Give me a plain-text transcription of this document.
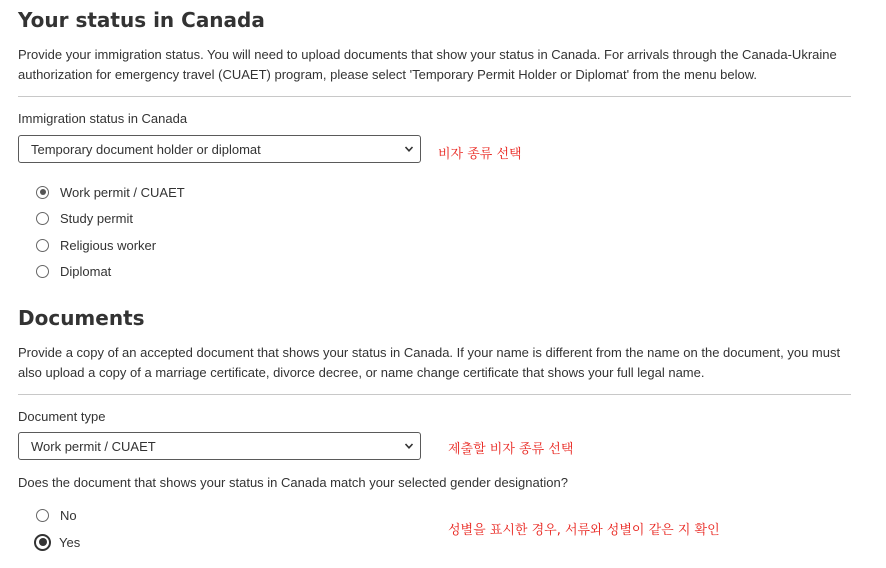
Your status in Canada
Provide your immigration status. You will need to upload documents that show your status in Canada. For arrivals through the Canada-Ukraine authorization for emergency travel (CUAET) program, please select 'Temporary Permit Holder or Diplomat' from the menu below.
Immigration status in Canada
Temporary document holder or diplomat	비자 종류 선택
Work permit / CUAET
Study permit
Religious worker
Diplomat
Documents
Provide a copy of an accepted document that shows your status in Canada. If your name is different from the name on the document, you must also upload a copy of a marriage certificate, divorce decree, or name change certificate that shows your full legal name.
Document type
Work permit / CUAET	제출할 비자 종류 선택
Does the document that shows your status in Canada match your selected gender designation?
No
Yes
성별을 표시한 경우, 서류와 성별이 같은 지 확인
